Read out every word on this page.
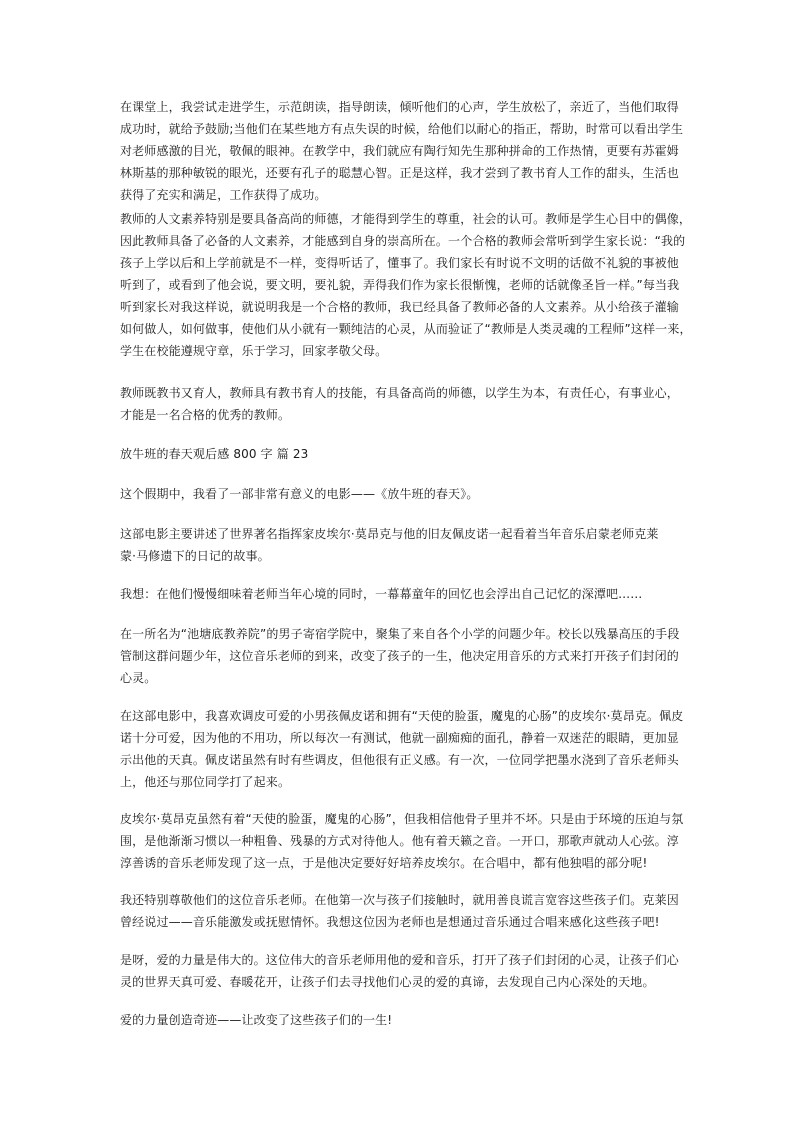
在课堂上，我尝试走进学生，示范朗读，指导朗读，倾听他们的心声，学生放松了，亲近了，当他们取得
成功时，就给予鼓励;当他们在某些地方有点失误的时候，给他们以耐心的指正，帮助，时常可以看出学生
对老师感激的目光，敬佩的眼神。在教学中，我们就应有陶行知先生那种拼命的工作热情，更要有苏霍姆
林斯基的那种敏锐的眼光，还要有孔子的聪慧心智。正是这样，我才尝到了教书育人工作的甜头，生活也
获得了充实和满足，工作获得了成功。

教师的人文素养特别是要具备高尚的师德，才能得到学生的尊重，社会的认可。教师是学生心目中的偶像，
因此教师具备了必备的人文素养，才能感到自身的崇高所在。一个合格的教师会常听到学生家长说：“我的
孩子上学以后和上学前就是不一样，变得听话了，懂事了。我们家长有时说不文明的话做不礼貌的事被他
听到了，或看到了他会说，要文明，要礼貌，弄得我们作为家长很惭愧，老师的话就像圣旨一样。”每当我
听到家长对我这样说，就说明我是一个合格的教师，我已经具备了教师必备的人文素养。从小给孩子灌输
如何做人，如何做事，使他们从小就有一颗纯洁的心灵，从而验证了“教师是人类灵魂的工程师”这样一来，
学生在校能遵规守章，乐于学习，回家孝敬父母。

教师既教书又育人，教师具有教书育人的技能，有具备高尚的师德，以学生为本，有责任心，有事业心，
才能是一名合格的优秀的教师。

放牛班的春天观后感 800 字 篇 23

这个假期中，我看了一部非常有意义的电影——《放牛班的春天》。

这部电影主要讲述了世界著名指挥家皮埃尔·莫昂克与他的旧友佩皮诺一起看着当年音乐启蒙老师克莱
蒙·马修遗下的日记的故事。

我想：在他们慢慢细味着老师当年心境的同时，一幕幕童年的回忆也会浮出自己记忆的深潭吧……

在一所名为“池塘底教养院”的男子寄宿学院中，聚集了来自各个小学的问题少年。校长以残暴高压的手段
管制这群问题少年，这位音乐老师的到来，改变了孩子的一生，他决定用音乐的方式来打开孩子们封闭的
心灵。

在这部电影中，我喜欢调皮可爱的小男孩佩皮诺和拥有“天使的脸蛋，魔鬼的心肠”的皮埃尔·莫昂克。佩皮
诺十分可爱，因为他的不用功，所以每次一有测试，他就一副痴痴的面孔，静着一双迷茫的眼睛，更加显
示出他的天真。佩皮诺虽然有时有些调皮，但他很有正义感。有一次，一位同学把墨水浇到了音乐老师头
上，他还与那位同学打了起来。

皮埃尔·莫昂克虽然有着“天使的脸蛋，魔鬼的心肠”，但我相信他骨子里并不坏。只是由于环境的压迫与氛
围，是他渐渐习惯以一种粗鲁、残暴的方式对待他人。他有着天籁之音。一开口，那歌声就动人心弦。淳
淳善诱的音乐老师发现了这一点，于是他决定要好好培养皮埃尔。在合唱中，都有他独唱的部分呢!

我还特别尊敬他们的这位音乐老师。在他第一次与孩子们接触时，就用善良谎言宽容这些孩子们。克莱因
曾经说过——音乐能激发或抚慰情怀。我想这位因为老师也是想通过音乐通过合唱来感化这些孩子吧!

是呀，爱的力量是伟大的。这位伟大的音乐老师用他的爱和音乐，打开了孩子们封闭的心灵，让孩子们心
灵的世界天真可爱、春暖花开，让孩子们去寻找他们心灵的爱的真谛，去发现自己内心深处的天地。

爱的力量创造奇迹——让改变了这些孩子们的一生!
